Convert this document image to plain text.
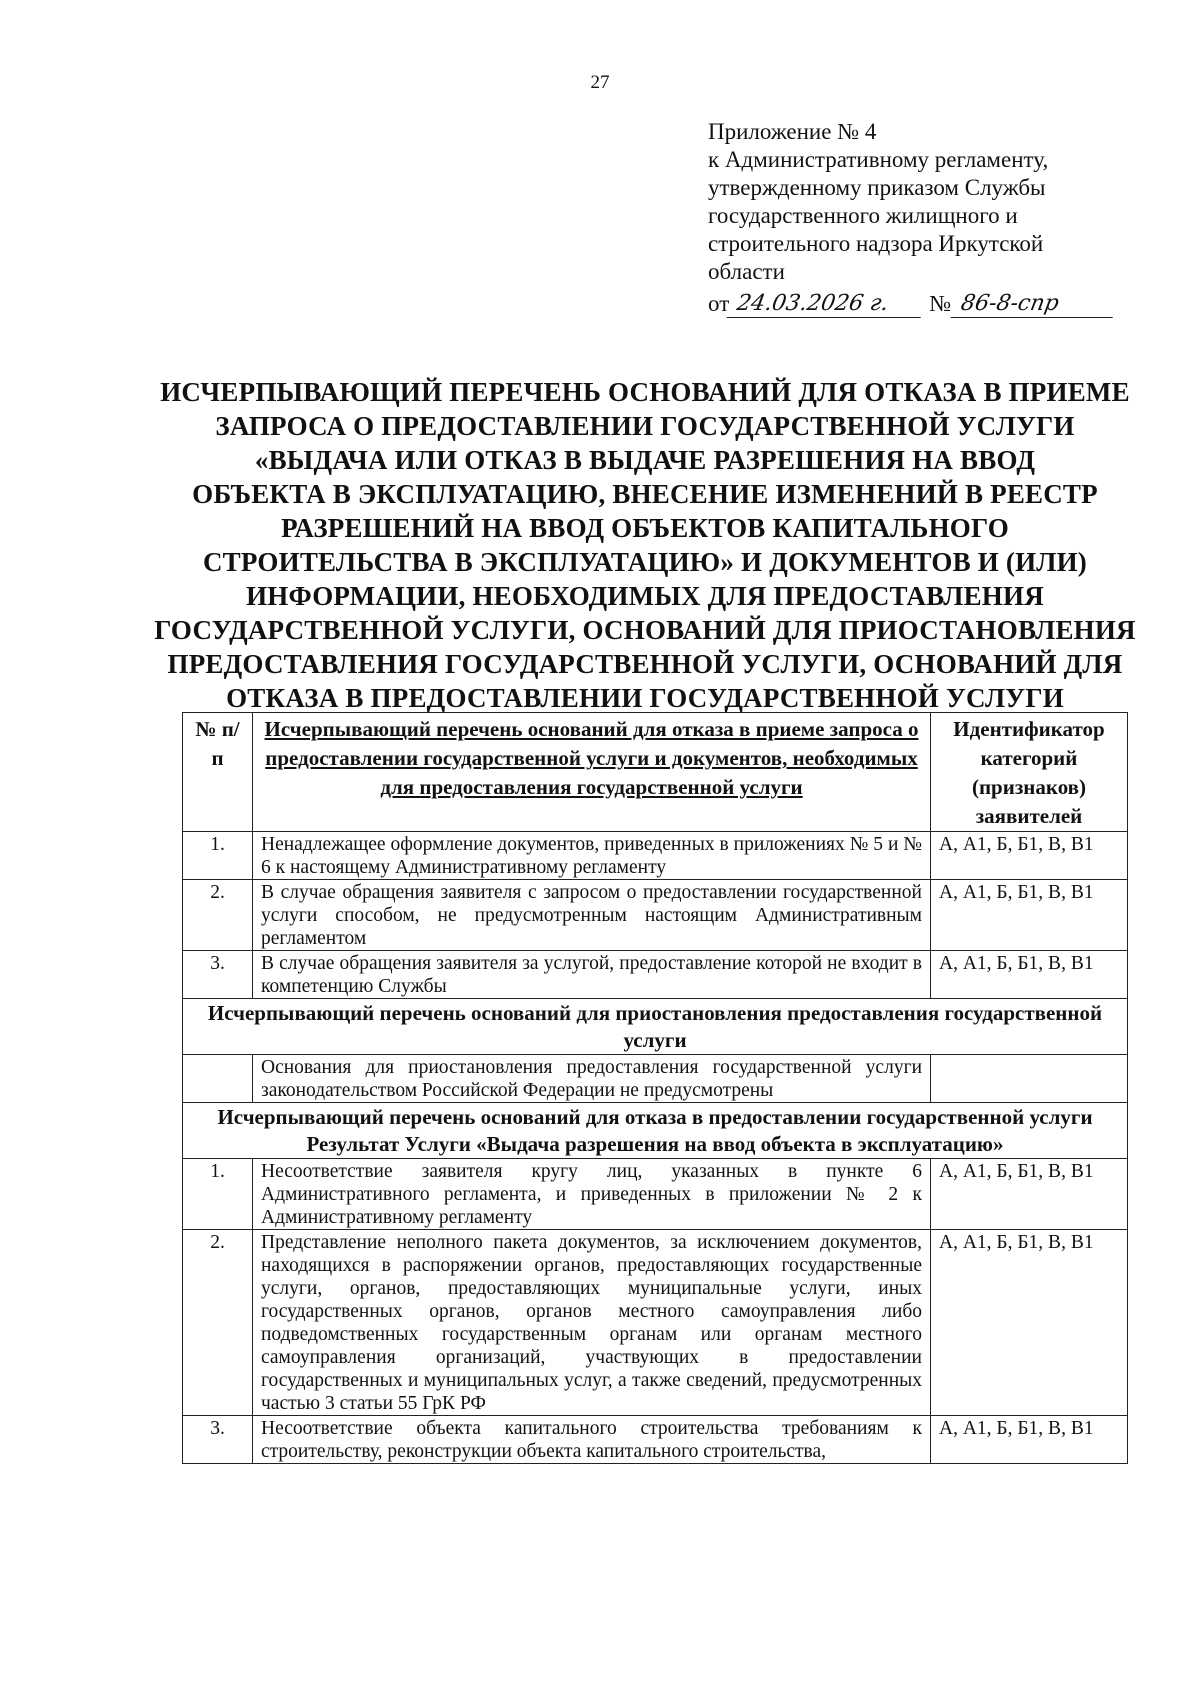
27
Приложение № 4
к Административному регламенту,
утвержденному приказом Службы
государственного жилищного и
строительного надзора Иркутской
области
от 24.03.2026 г.	№ 86-8-спр
ИСЧЕРПЫВАЮЩИЙ ПЕРЕЧЕНЬ ОСНОВАНИЙ ДЛЯ ОТКАЗА В ПРИЕМЕ
ЗАПРОСА О ПРЕДОСТАВЛЕНИИ ГОСУДАРСТВЕННОЙ УСЛУГИ
«ВЫДАЧА ИЛИ ОТКАЗ В ВЫДАЧЕ РАЗРЕШЕНИЯ НА ВВОД
ОБЪЕКТА В ЭКСПЛУАТАЦИЮ, ВНЕСЕНИЕ ИЗМЕНЕНИЙ В РЕЕСТР
РАЗРЕШЕНИЙ НА ВВОД ОБЪЕКТОВ КАПИТАЛЬНОГО
СТРОИТЕЛЬСТВА В ЭКСПЛУАТАЦИЮ» И ДОКУМЕНТОВ И (ИЛИ)
ИНФОРМАЦИИ, НЕОБХОДИМЫХ ДЛЯ ПРЕДОСТАВЛЕНИЯ
ГОСУДАРСТВЕННОЙ УСЛУГИ, ОСНОВАНИЙ ДЛЯ ПРИОСТАНОВЛЕНИЯ
ПРЕДОСТАВЛЕНИЯ ГОСУДАРСТВЕННОЙ УСЛУГИ, ОСНОВАНИЙ ДЛЯ
ОТКАЗА В ПРЕДОСТАВЛЕНИИ ГОСУДАРСТВЕННОЙ УСЛУГИ
№ п/п	Исчерпывающий перечень оснований для отказа в приеме запроса о предоставлении государственной услуги и документов, необходимых для предоставления государственной услуги	Идентификатор категорий (признаков) заявителей
1.	Ненадлежащее оформление документов, приведенных в приложениях № 5 и № 6 к настоящему Административному регламенту	А, А1, Б, Б1, В, В1
2.	В случае обращения заявителя с запросом о предоставлении государственной услуги способом, не предусмотренным настоящим Административным регламентом	А, А1, Б, Б1, В, В1
3.	В случае обращения заявителя за услугой, предоставление которой не входит в компетенцию Службы	А, А1, Б, Б1, В, В1
Исчерпывающий перечень оснований для приостановления предоставления государственной услуги		
	Основания для приостановления предоставления государственной услуги законодательством Российской Федерации не предусмотрены	

Исчерпывающий перечень оснований для отказа в предоставлении государственной услуги
Результат Услуги «Выдача разрешения на ввод объекта в эксплуатацию»		

1.	Несоответствие заявителя кругу лиц, указанных в пункте 6 Административного регламента, и приведенных в приложении № 2 к Административному регламенту	А, А1, Б, Б1, В, В1
2.	Представление неполного пакета документов, за исключением документов, находящихся в распоряжении органов, предоставляющих государственные услуги, органов, предоставляющих муниципальные услуги, иных государственных органов, органов местного самоуправления либо подведомственных государственным органам или органам местного самоуправления организаций, участвующих в предоставлении государственных и муниципальных услуг, а также сведений, предусмотренных частью 3 статьи 55 ГрК РФ	А, А1, Б, Б1, В, В1
3.	Несоответствие объекта капитального строительства требованиям к строительству, реконструкции объекта капитального строительства,	А, А1, Б, Б1, В, В1
